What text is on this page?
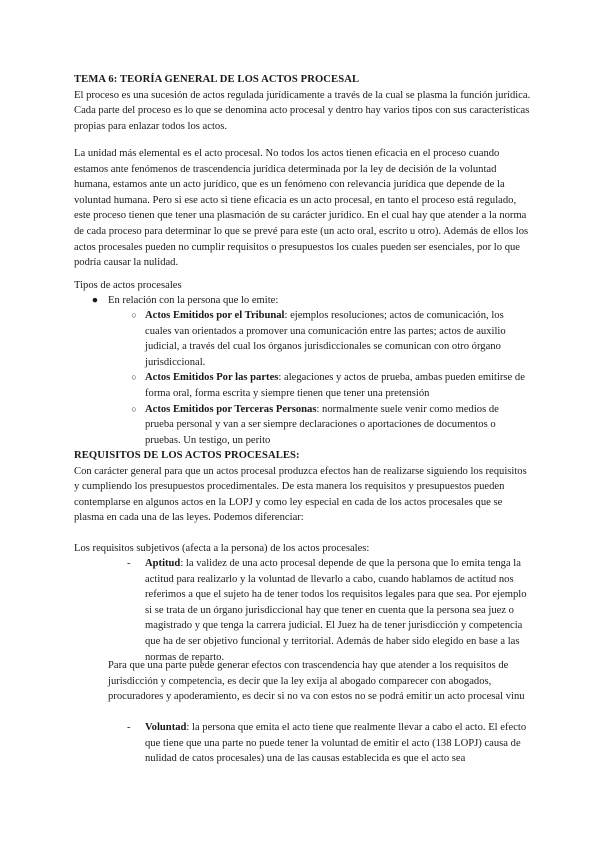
TEMA 6: TEORÍA GENERAL DE LOS ACTOS PROCESAL

El proceso es una sucesión de actos regulada jurídicamente a través de la cual se plasma la función jurídica. Cada parte del proceso es lo que se denomina acto procesal y dentro hay varios tipos con sus características propias para enlazar todos los actos.

La unidad más elemental es el acto procesal. No todos los actos tienen eficacia en el proceso cuando estamos ante fenómenos de trascendencia jurídica determinada por la ley de decisión de la voluntad humana, estamos ante un acto jurídico, que es un fenómeno con relevancia jurídica que depende de la voluntad humana. Pero si ese acto si tiene eficacia es un acto procesal, en tanto el proceso está regulado, este proceso tienen que tener una plasmación de su carácter jurídico. En el cual hay que atender a la norma de cada proceso para determinar lo que se prevé para este (un acto oral, escrito u otro). Además de ellos los actos procesales pueden no cumplir requisitos o presupuestos los cuales pueden ser esenciales, por lo que podría causar la nulidad.

Tipos de actos procesales

● En relación con la persona que lo emite:
○ Actos Emitidos por el Tribunal: ejemplos resoluciones; actos de comunicación, los cuales van orientados a promover una comunicación entre las partes; actos de auxilio judicial, a través del cual los órganos jurisdiccionales se comunican con otro órgano jurisdiccional.
○ Actos Emitidos Por las partes: alegaciones y actos de prueba, ambas pueden emitirse de forma oral, forma escrita y siempre tienen que tener una pretensión
○ Actos Emitidos por Terceras Personas: normalmente suele venir como medios de prueba personal y van a ser siempre declaraciones o aportaciones de documentos o pruebas. Un testigo, un perito

REQUISITOS DE LOS ACTOS PROCESALES:

Con carácter general para que un actos procesal produzca efectos han de realizarse siguiendo los requisitos y cumpliendo los presupuestos procedimentales. De esta manera los requisitos y presupuestos pueden contemplarse en algunos actos en la LOPJ y como ley especial en cada de los actos procesales que se plasma en cada una de las leyes. Podemos diferenciar:

Los requisitos subjetivos (afecta a la persona) de los actos procesales:

- Aptitud: la validez de una acto procesal depende de que la persona que lo emita tenga la actitud para realizarlo y la voluntad de llevarlo a cabo, cuando hablamos de actitud nos referimos a que el sujeto ha de tener todos los requisitos legales para que sea. Por ejemplo si se trata de un órgano jurisdiccional hay que tener en cuenta que la persona sea juez o magistrado y que tenga la carrera judicial. El Juez ha de tener jurisdicción y competencia que ha de ser objetivo funcional y territorial. Además de haber sido elegido en base a las normas de reparto.

Para que una parte puede generar efectos con trascendencia hay que atender a los requisitos de jurisdicción y competencia, es decir que la ley exija al abogado comparecer con abogados, procuradores y apoderamiento, es decir si no va con estos no se podrá emitir un acto procesal vinu

- Voluntad: la persona que emita el acto tiene que realmente llevar a cabo el acto. El efecto que tiene que una parte no puede tener la voluntad de emitir el acto (138 LOPJ) causa de nulidad de catos procesales) una de las causas establecida es que el acto sea
